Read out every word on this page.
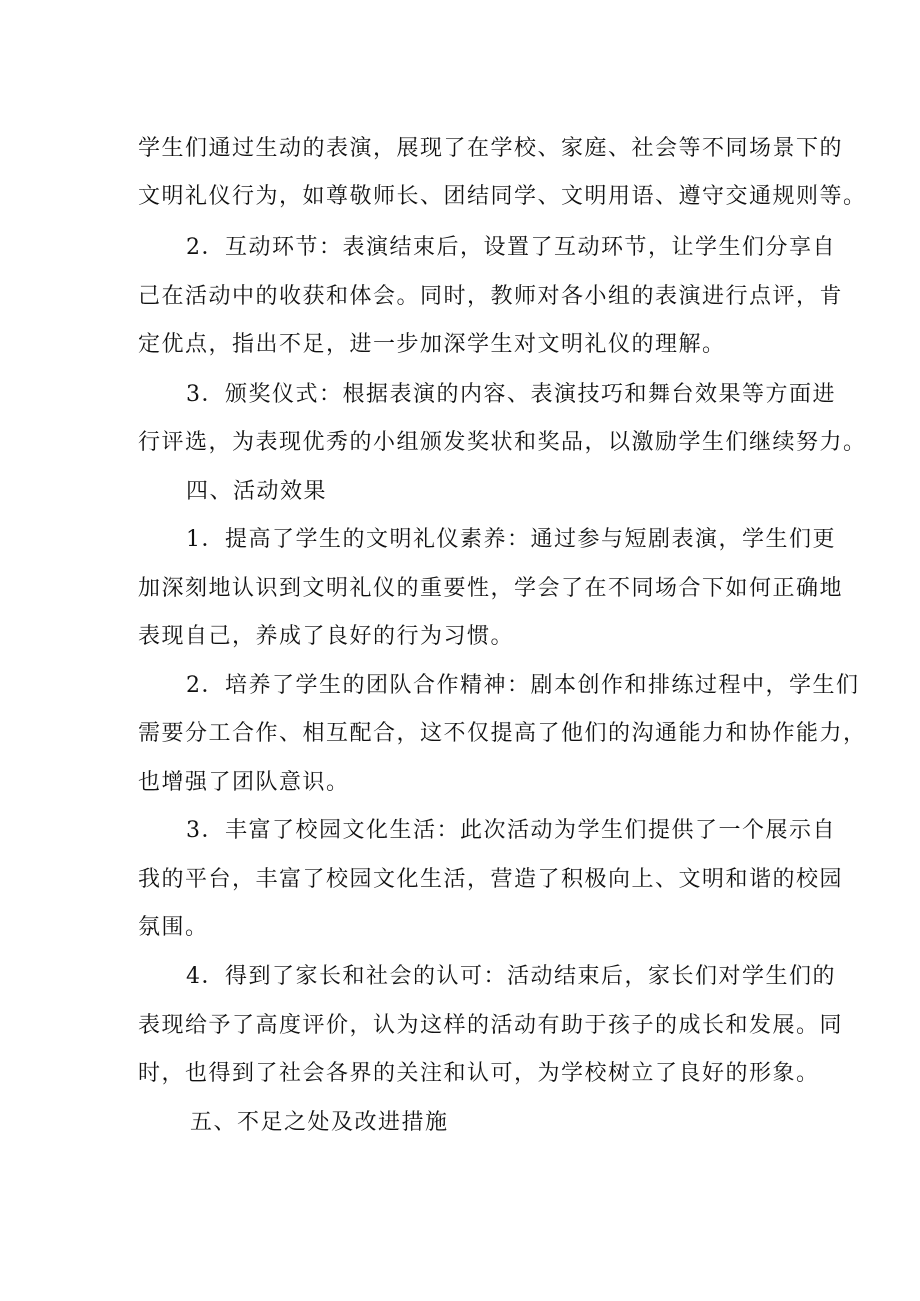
学生们通过生动的表演，展现了在学校、家庭、社会等不同场景下的
文明礼仪行为，如尊敬师长、团结同学、文明用语、遵守交通规则等。
2．互动环节：表演结束后，设置了互动环节，让学生们分享自
己在活动中的收获和体会。同时，教师对各小组的表演进行点评，肯
定优点，指出不足，进一步加深学生对文明礼仪的理解。
3．颁奖仪式：根据表演的内容、表演技巧和舞台效果等方面进
行评选，为表现优秀的小组颁发奖状和奖品，以激励学生们继续努力。
四、活动效果
1．提高了学生的文明礼仪素养：通过参与短剧表演，学生们更
加深刻地认识到文明礼仪的重要性，学会了在不同场合下如何正确地
表现自己，养成了良好的行为习惯。
2．培养了学生的团队合作精神：剧本创作和排练过程中，学生们
需要分工合作、相互配合，这不仅提高了他们的沟通能力和协作能力，
也增强了团队意识。
3．丰富了校园文化生活：此次活动为学生们提供了一个展示自
我的平台，丰富了校园文化生活，营造了积极向上、文明和谐的校园
氛围。
4．得到了家长和社会的认可：活动结束后，家长们对学生们的
表现给予了高度评价，认为这样的活动有助于孩子的成长和发展。同
时，也得到了社会各界的关注和认可，为学校树立了良好的形象。
五、不足之处及改进措施
